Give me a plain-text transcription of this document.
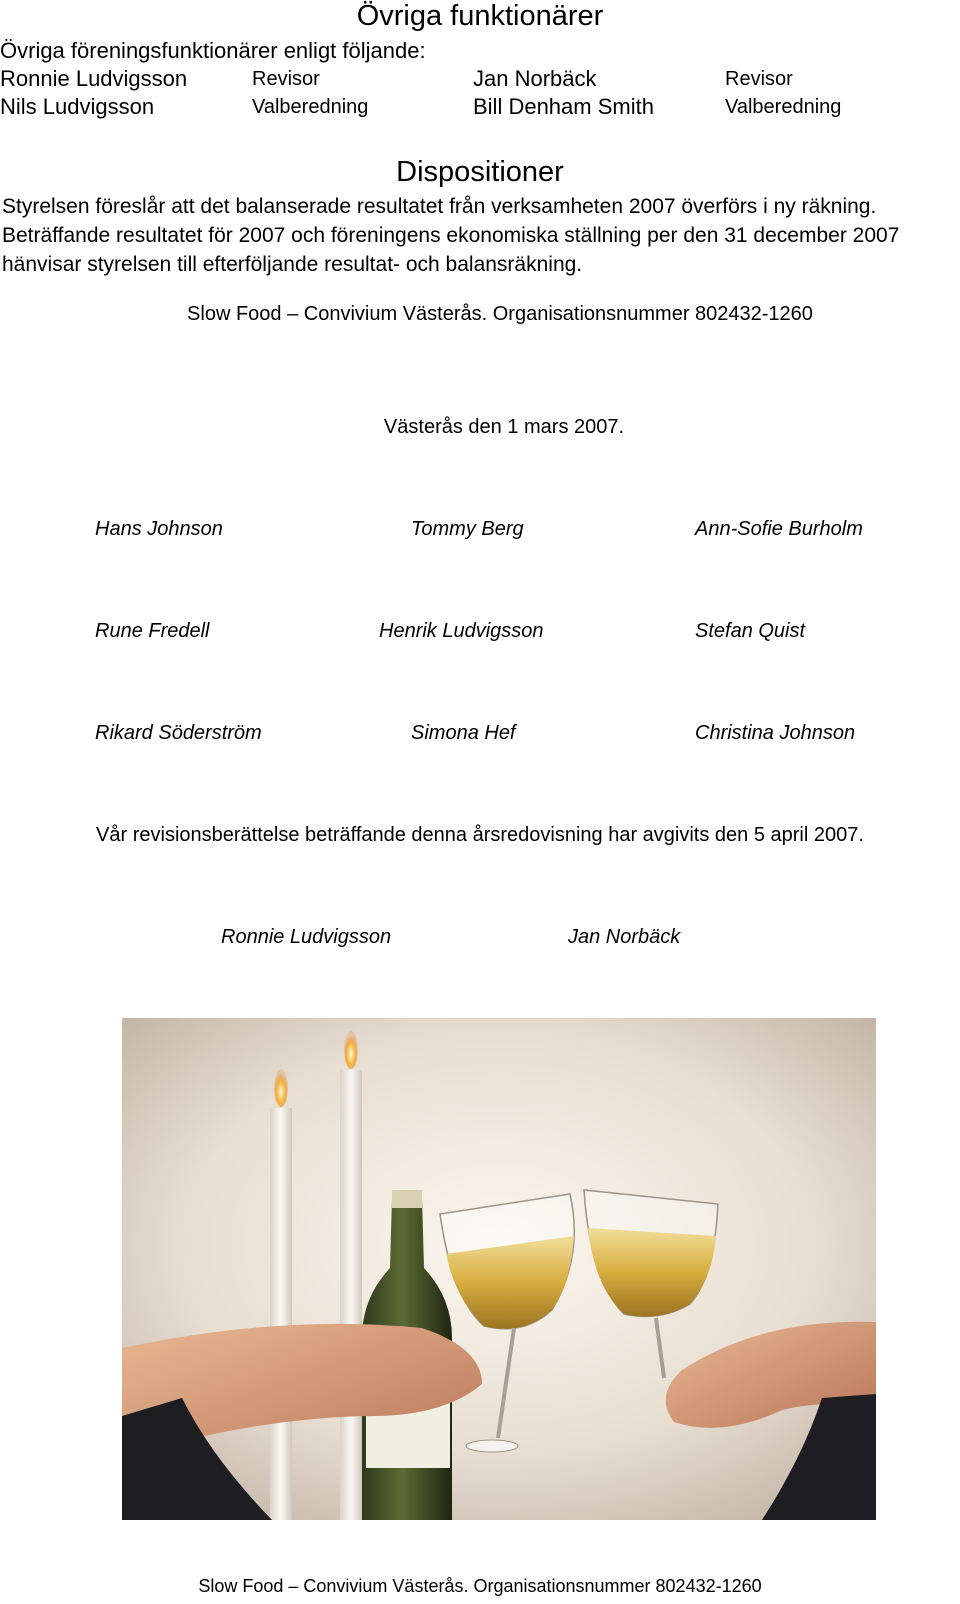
Övriga funktionärer
Övriga föreningsfunktionärer enligt följande:
Ronnie Ludvigsson	Revisor	Jan Norbäck	Revisor
Nils Ludvigsson	Valberedning	Bill Denham Smith	Valberedning
Dispositioner
Styrelsen föreslår att det balanserade resultatet från verksamheten 2007 överförs i ny räkning. Beträffande resultatet för 2007 och föreningens ekonomiska ställning per den 31 december 2007 hänvisar styrelsen till efterföljande resultat- och balansräkning.
Slow Food – Convivium Västerås. Organisationsnummer 802432-1260
Västerås den 1 mars 2007.
Hans Johnson	Tommy Berg	Ann-Sofie Burholm
Rune Fredell	Henrik Ludvigsson	Stefan Quist
Rikard Söderström	Simona Hef	Christina Johnson
Vår revisionsberättelse beträffande denna årsredovisning har avgivits den 5 april 2007.
Ronnie Ludvigsson	Jan Norbäck
Slow Food – Convivium Västerås. Organisationsnummer 802432-1260
